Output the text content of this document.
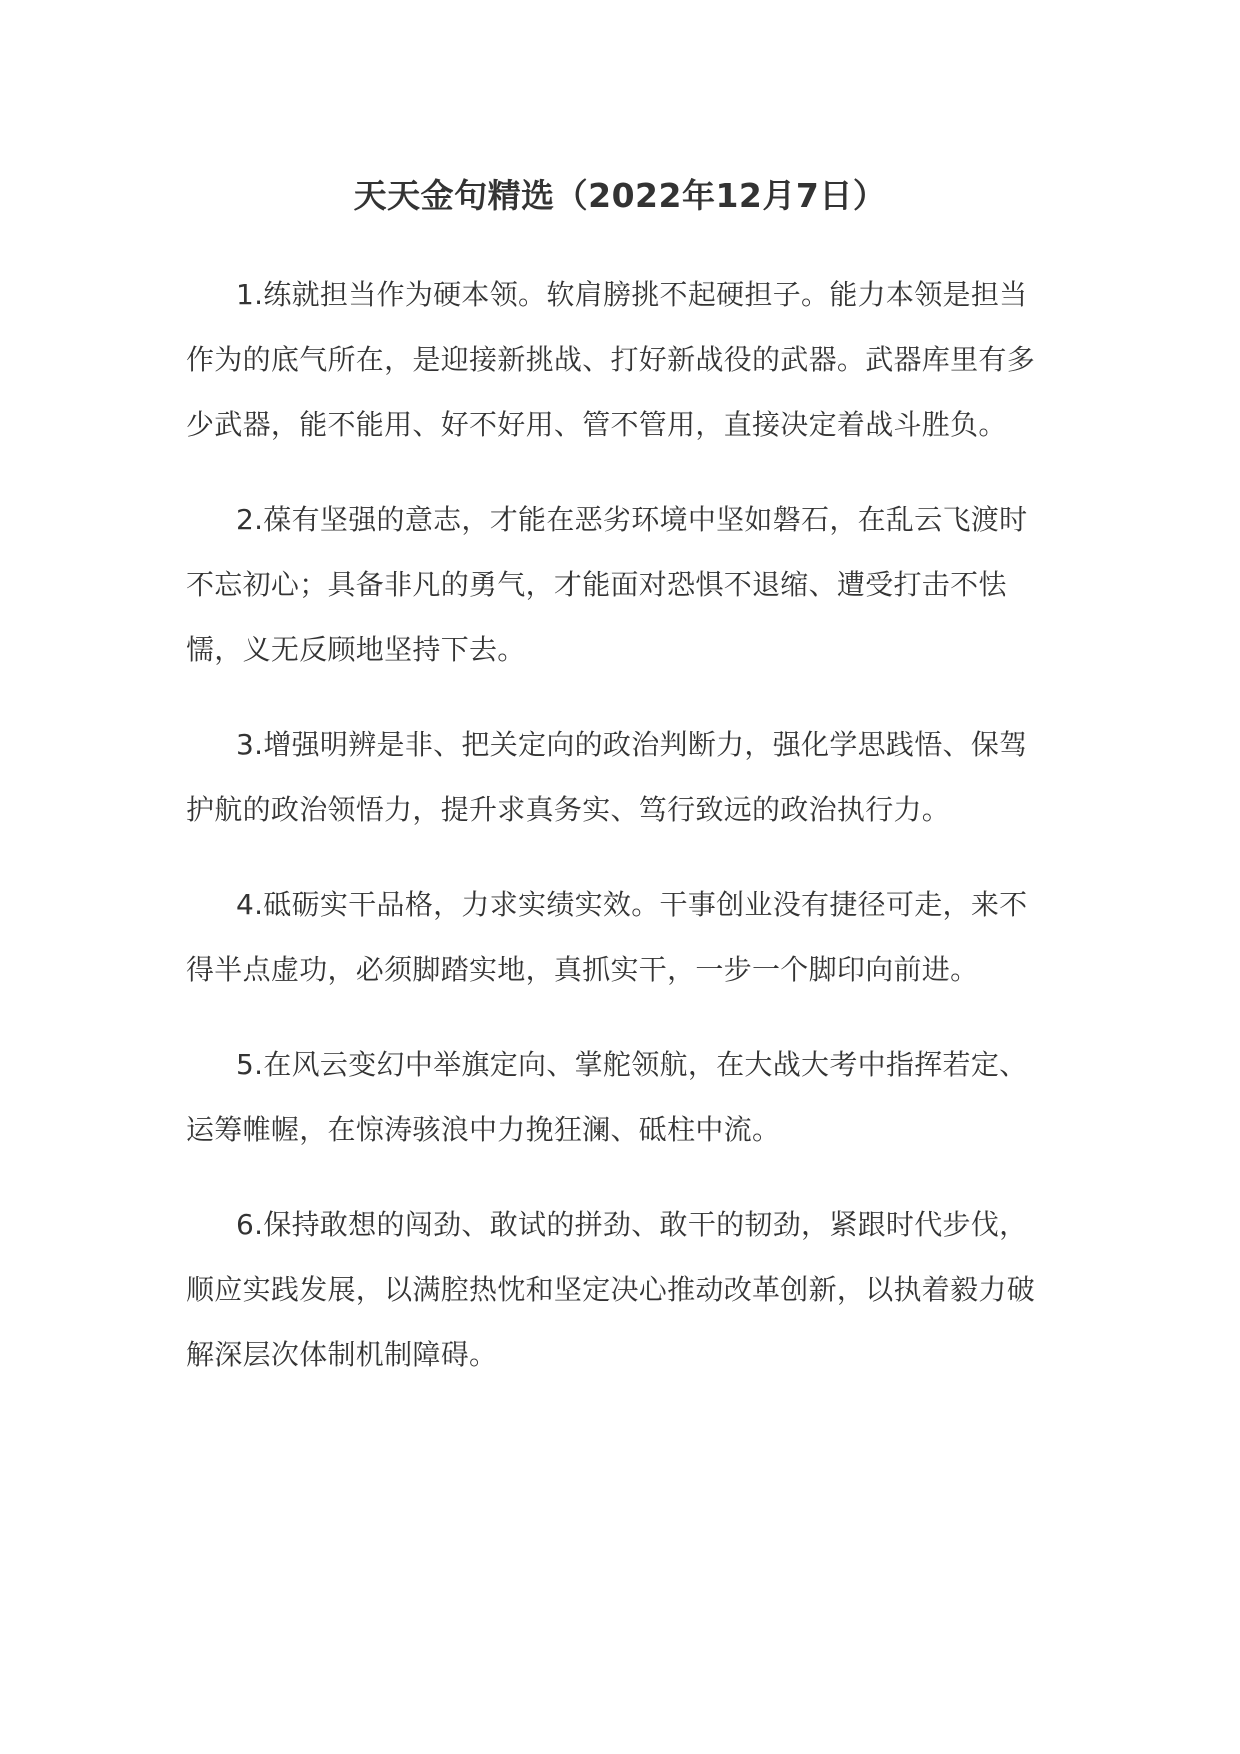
天天金句精选（2022年12月7日）

1.练就担当作为硬本领。软肩膀挑不起硬担子。能力本领是担当作为的底气所在，是迎接新挑战、打好新战役的武器。武器库里有多少武器，能不能用、好不好用、管不管用，直接决定着战斗胜负。

2.葆有坚强的意志，才能在恶劣环境中坚如磐石，在乱云飞渡时不忘初心；具备非凡的勇气，才能面对恐惧不退缩、遭受打击不怯懦，义无反顾地坚持下去。

3.增强明辨是非、把关定向的政治判断力，强化学思践悟、保驾护航的政治领悟力，提升求真务实、笃行致远的政治执行力。

4.砥砺实干品格，力求实绩实效。干事创业没有捷径可走，来不得半点虚功，必须脚踏实地，真抓实干，一步一个脚印向前进。

5.在风云变幻中举旗定向、掌舵领航，在大战大考中指挥若定、运筹帷幄，在惊涛骇浪中力挽狂澜、砥柱中流。

6.保持敢想的闯劲、敢试的拼劲、敢干的韧劲，紧跟时代步伐，顺应实践发展，以满腔热忱和坚定决心推动改革创新，以执着毅力破解深层次体制机制障碍。
